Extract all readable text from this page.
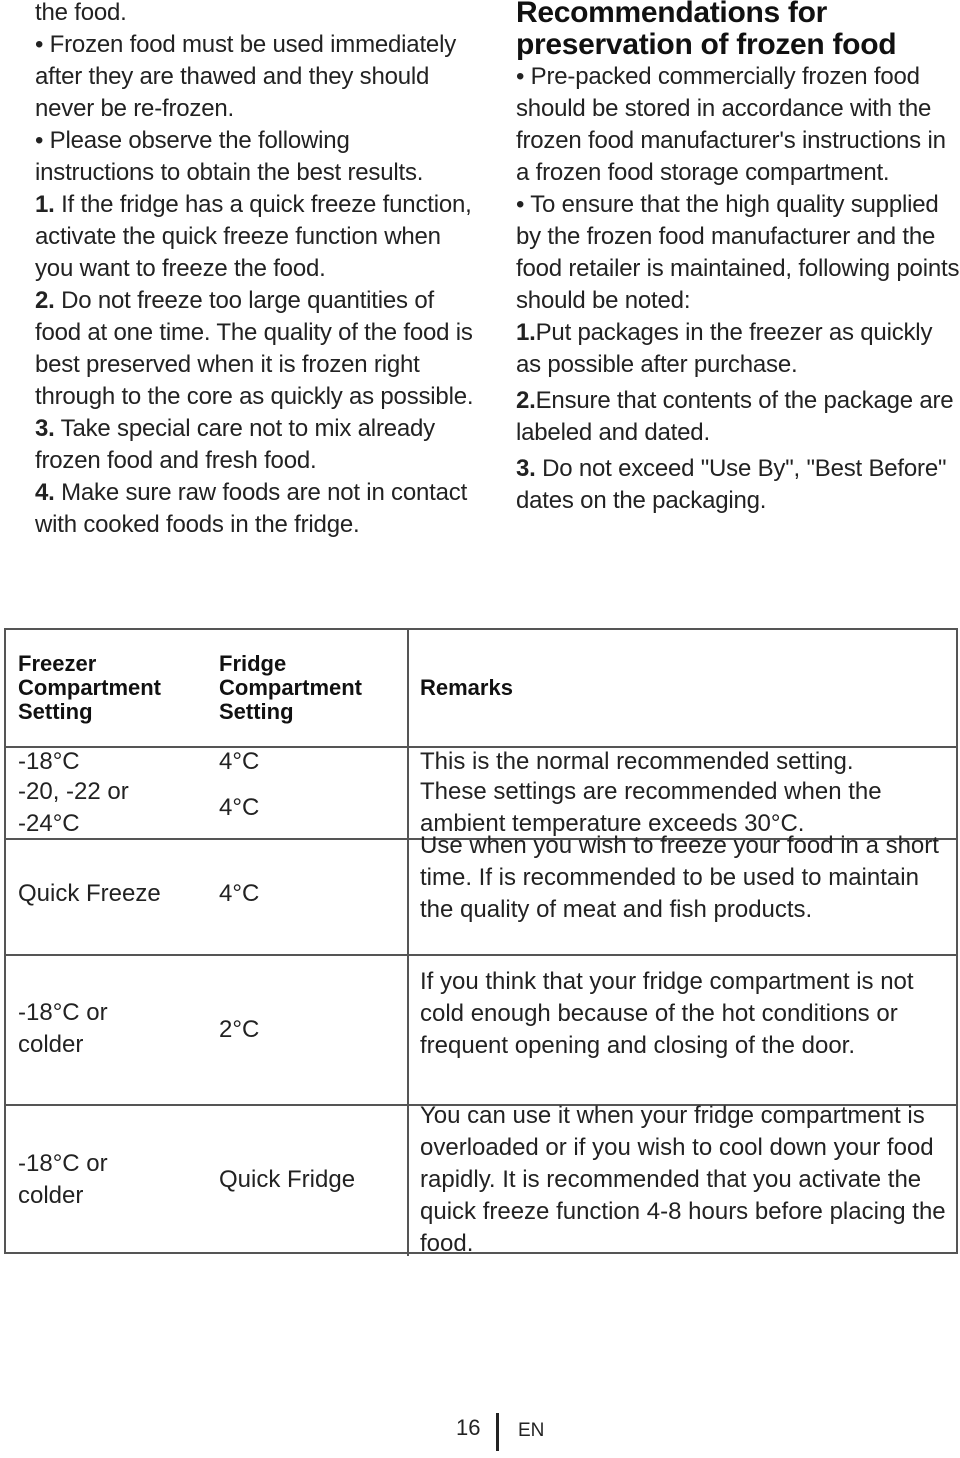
the food.

• Frozen food must be used immediately after they are thawed and they should never be re-frozen.

• Please observe the following instructions to obtain the best results.

1. If the fridge has a quick freeze function, activate the quick freeze function when you want to freeze the food.

2. Do not freeze too large quantities of food at one time. The quality of the food is best preserved when it is frozen right through to the core as quickly as possible.

3. Take special care not to mix already frozen food and fresh food.

4. Make sure raw foods are not in contact with cooked foods in the fridge.

Recommendations for preservation of frozen food

• Pre-packed commercially frozen food should be stored in accordance with the frozen food manufacturer's instructions in a frozen food storage compartment.

• To ensure that the high quality supplied by the frozen food manufacturer and the food retailer is maintained, following points should be noted:

1.Put packages in the freezer as quickly as possible after purchase.

2.Ensure that contents of the package are labeled and dated.

3. Do not exceed "Use By", "Best Before" dates on the packaging.

Freezer Compartment Setting
Fridge Compartment Setting
Remarks
-18°C	4°C	This is the normal recommended setting.
-20, -22 or -24°C
4°C
These settings are recommended when the ambient temperature exceeds 30°C.
Quick Freeze 4°C
Use when you wish to freeze your food in a short time. If is recommended to be used to maintain the quality of meat and fish products.
-18°C or colder
2°C
If you think that your fridge compartment is not cold enough because of the hot conditions or frequent opening and closing of the door.
-18°C or colder
Quick Fridge
You can use it when your fridge compartment is overloaded or if you wish to cool down your food rapidly. It is recommended that you activate the quick freeze function 4-8 hours before placing the food.
16 EN
